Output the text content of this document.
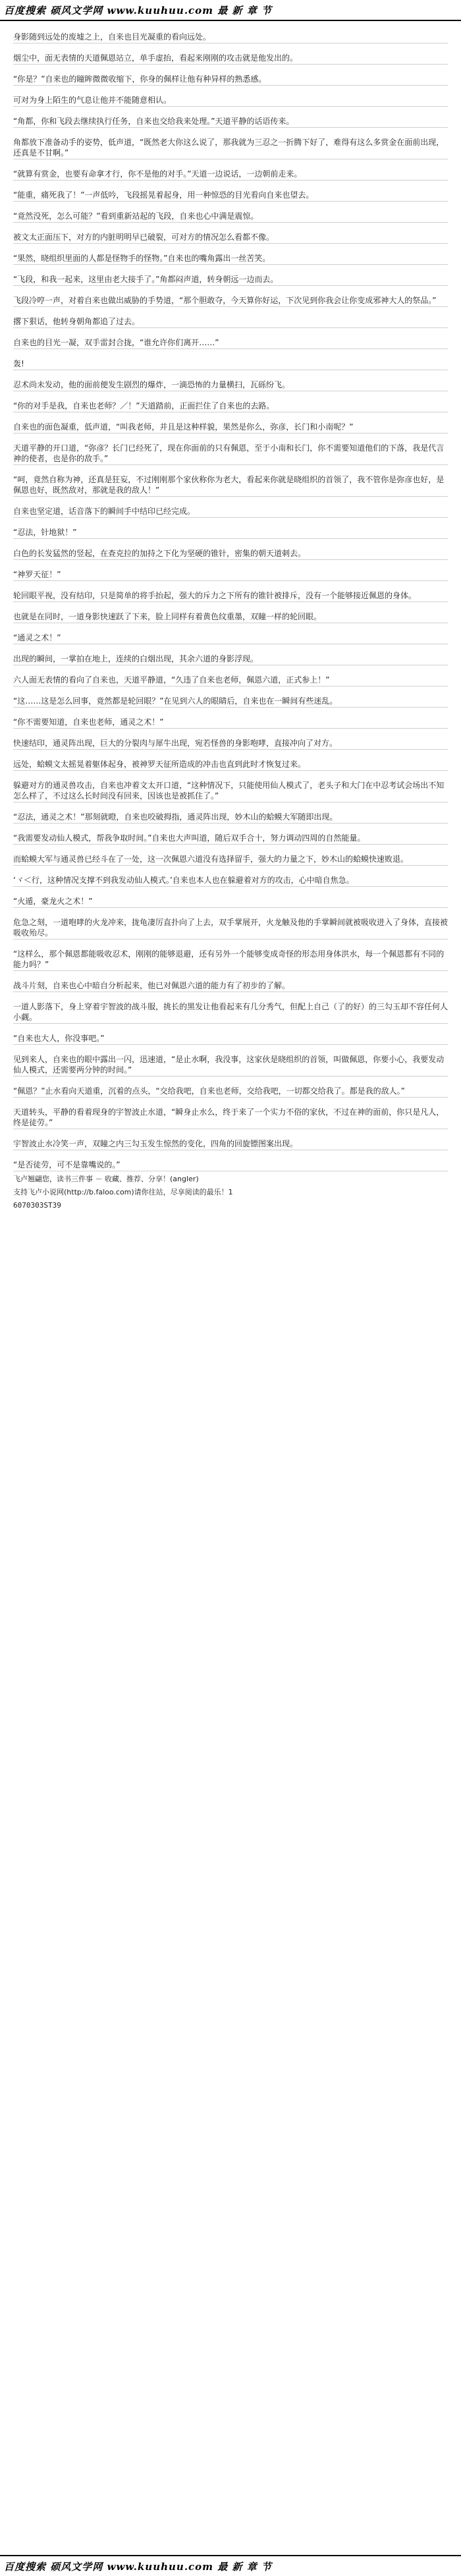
百度搜索 硕风文学网 www.kuuhuu.com 最 新 章 节

身影随到远处的废墟之上，自来也目光凝重的看向远处。

烟尘中，面无表情的天道佩恩站立，单手虚抬，看起来刚刚的攻击就是他发出的。

“你是？”自来也的瞳眸微微收缩下，你身的佩样让他有种异样的熟悉感。

可对为身上陌生的气息让他并不能随意相认。

“角都，你和飞段去继续执行任务，自来也交给我来处理。”天道平静的话语传来。

角都放下准备动手的姿势，低声道，“既然老大你这么说了，那我就为三忍之一折腾下好了，难得有这么多赏金在面前出现，还真是不甘啊。”

“就算有赏金，也要有命拿才行，你不是他的对手。”天道一边说话，一边朝前走来。

“能重，痛死我了！”一声低吟，飞段摇晃着起身，用一种惊恐的目光看向自来也望去。

“竟然没死，怎么可能？”看到重新站起的飞段，自来也心中满是震惊。

被文太正面压下，对方的内脏明明早已破裂，可对方的情况怎么看都不像。

“果然，晓组织里面的人都是怪物手的怪物。”自来也的嘴角露出一丝苦笑。

“飞段，和我一起来，这里由老大接手了。”角都闷声道，转身朝远一边而去。

飞段冷哼一声，对着自来也做出威胁的手势道，“那个胆敢夺，今天算你好运，下次见到你我会让你变成邪神大人的祭品。”

撂下狠话，他转身朝角都追了过去。

自来也的目光一凝，双手雷封合拢，“谁允许你们离开……”

轰!

忍术尚未发动，他的面前便发生剧烈的爆炸，一滴恐怖的力量横扫，瓦砾纷飞。

“你的对手是我，自来也老师？／！”天道踏前，正面拦住了自来也的去路。

自来也的面色凝重，低声道，“叫我老师，并且是这种样貌，果然是你么，弥彦，长门和小南呢？”

天道平静的开口道，“弥彦？长门已经死了，现在你面前的只有佩恩，至于小南和长门，你不需要知道他们的下落，我是代言神的使者，也是你的敌手。”

“呵，竟然自称为神，还真是狂妄，不过刚刚那个家伙称你为老大，看起来你就是晓组织的首领了，我不管你是弥彦也好，是佩恩也好，既然敌对，那就是我的敌人！”

自来也坚定道，话音落下的瞬间手中结印已经完成。

“忍法，针地狱！”

白色的长发猛然的竖起，在查克拉的加持之下化为坚硬的锥针，密集的朝天道刺去。

“神罗天征！”

轮回眼平视，没有结印，只是简单的将手抬起，强大的斥力之下所有的锥针被排斥，没有一个能够接近佩恩的身体。

也就是在同时，一道身影快速跃了下来，脸上同样有着黄色纹重墨，双瞳一样的轮回眼。

“通灵之术！”

出现的瞬间，一掌拍在地上，连续的白烟出现，其余六道的身影浮现。

六人面无表情的看向了自来也，天道平静道，“久违了自来也老师，佩恩六道，正式参上！”

“这……这是怎么回事，竟然都是轮回眼？”在见到六人的眼睛后，自来也在一瞬间有些迷乱。

“你不需要知道，自来也老师，通灵之术！”

快速结印，通灵阵出现，巨大的分裂肉与犀牛出现，宛若怪兽的身影咆哮，直接冲向了对方。

远处，蛤蟆文太摇晃着躯体起身，被神罗天征所造成的冲击也直到此时才恢复过来。

躲避对方的通灵兽攻击，自来也冲着文太开口道，“这种情况下，只能使用仙人模式了，老头子和大门在中忍考试会场出不知怎么样了，不过这么长时间没有回来，因该也是被抓住了。”

“忍法，通灵之术！”那刻就瞪，自来也咬破拇指，通灵阵出现，妙木山的蛤蟆大军随即出现。

“我需要发动仙人模式，帮我争取时间。”自来也大声叫道，随后双手合十，努力调动四周的自然能量。

而蛤蟆大军与通灵兽已经斗在了一处，这一次佩恩六道没有选择留手，强大的力量之下，妙木山的蛤蟆快速败退。

‘ヾ＜行，这种情况支撑不到我发动仙人模式。’自来也本人也在躲避着对方的攻击，心中暗自焦急。

“火遁，豪龙火之术！”

危急之刻，一道咆哮的火龙冲来，拢龟凄厉直扑向了上去，双手掌展开，火龙触及他的手掌瞬间就被吸收进入了身体，直接被吸收殆尽。

“这样么，那个佩恩都能吸收忍术，刚刚的能够退避，还有另外一个能够变成奇怪的形态用身体洪水，每一个佩恩都有不同的能力吗？”

战斗片刻，自来也心中暗自分析起来，他已对佩恩六道的能力有了初步的了解。

一道人影落下，身上穿着宇智波的战斗服，挑长的黑发让他看起来有几分秀气，但配上自己（了的好）的三勾玉却不容任何人小觑。

“自来也大人，你没事吧。”

见到来人，自来也的眼中露出一闪，迅速道，“是止水啊，我没事，这家伙是晓组织的首领，叫做佩恩，你要小心，我要发动仙人模式，还需要两分钟的时间。”

“佩恩？”止水看向天道重，沉着的点头，“交给我吧，自来也老师，交给我吧，一切都交给我了。都是我的敌人。”

天道转头，平静的看着现身的宇智波止水道，“瞬身止水么，终于来了一个实力不俗的家伙，不过在神的面前，你只是凡人，终是徒劳。”

宇智波止水冷笑一声，双瞳之内三勾玉发生惊然的变化，四角的回旋镖图案出现。

“是否徒劳，可不是靠嘴说的。”

飞卢翘翩您，读书三件事 － 收藏、推荐、分享！(angler)
支持飞卢小说网(http://b.faloo.com)请你往站，尽享阅读的最乐！1
6070303ST39
百度搜索 硕风文学网 www.kuuhuu.com 最 新 章 节
